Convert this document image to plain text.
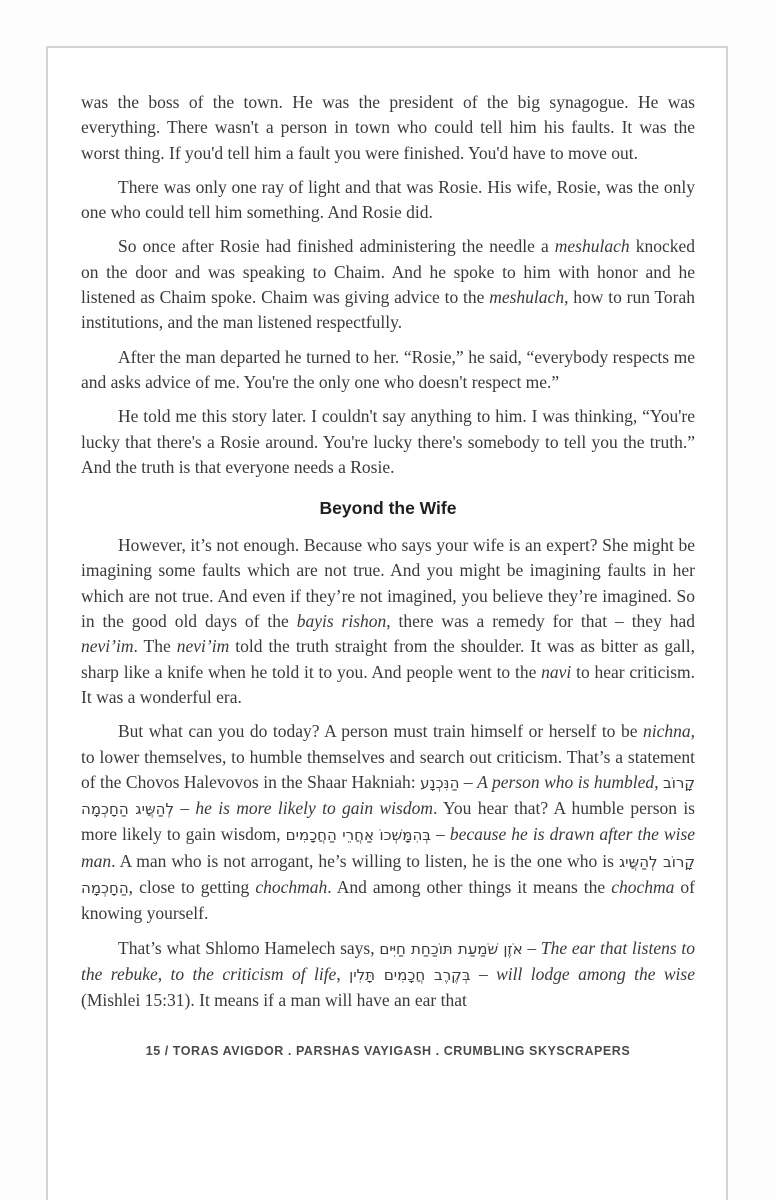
was the boss of the town. He was the president of the big synagogue. He was everything. There wasn't a person in town who could tell him his faults. It was the worst thing. If you'd tell him a fault you were finished. You'd have to move out.

There was only one ray of light and that was Rosie. His wife, Rosie, was the only one who could tell him something. And Rosie did.

So once after Rosie had finished administering the needle a meshulach knocked on the door and was speaking to Chaim. And he spoke to him with honor and he listened as Chaim spoke. Chaim was giving advice to the meshulach, how to run Torah institutions, and the man listened respectfully.

After the man departed he turned to her. “Rosie,” he said, “everybody respects me and asks advice of me. You're the only one who doesn't respect me.”

He told me this story later. I couldn't say anything to him. I was thinking, “You're lucky that there's a Rosie around. You're lucky there's somebody to tell you the truth.” And the truth is that everyone needs a Rosie.

Beyond the Wife

However, it’s not enough. Because who says your wife is an expert? She might be imagining some faults which are not true. And you might be imagining faults in her which are not true. And even if they’re not imagined, you believe they’re imagined. So in the good old days of the bayis rishon, there was a remedy for that – they had nevi’im. The nevi’im told the truth straight from the shoulder. It was as bitter as gall, sharp like a knife when he told it to you. And people went to the navi to hear criticism. It was a wonderful era.

But what can you do today? A person must train himself or herself to be nichna, to lower themselves, to humble themselves and search out criticism. That’s a statement of the Chovos Halevovos in the Shaar Hakniah: הַנִּכְנָע – A person who is humbled, קָרוֹב לְהַשֲּיג הַחָכְמָה – he is more likely to gain wisdom. You hear that? A humble person is more likely to gain wisdom, בְּהִמָּשְׁכוֹ אַחֲרֵי הַחֲכָמִים – because he is drawn after the wise man. A man who is not arrogant, he’s willing to listen, he is the one who is קָרוֹב לְהַשֲּיג הַחָכְמָה, close to getting chochmah. And among other things it means the chochma of knowing yourself.

That’s what Shlomo Hamelech says, אֹזֶן שֹׁמַעַת תּוֹכַחַת חַיִּים – The ear that listens to the rebuke, to the criticism of life, בְּקֶרֶב חֲכָמִים תָּלִין – will lodge among the wise (Mishlei 15:31). It means if a man will have an ear that

15 / TORAS AVIGDOR . PARSHAS VAYIGASH . CRUMBLING SKYSCRAPERS
